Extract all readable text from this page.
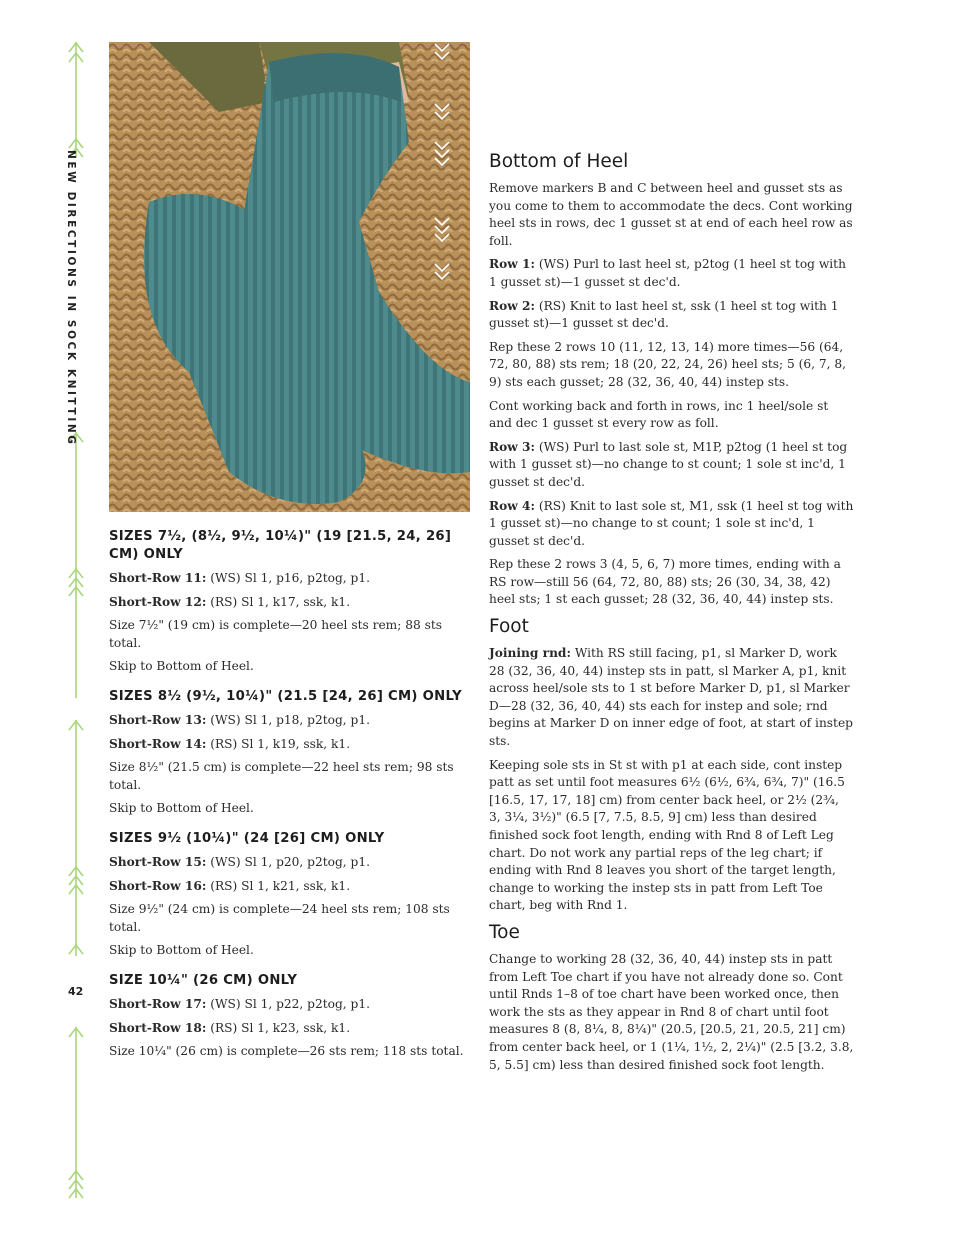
NEW DIRECTIONS IN SOCK KNITTING
42
SIZES 7½, (8½, 9½, 10¼)" (19 [21.5, 24, 26] CM) ONLY

Short-Row 11: (WS) Sl 1, p16, p2tog, p1.

Short-Row 12: (RS) Sl 1, k17, ssk, k1.

Size 7½" (19 cm) is complete—20 heel sts rem; 88 sts total.

Skip to Bottom of Heel.

SIZES 8½ (9½, 10¼)" (21.5 [24, 26] CM) ONLY

Short-Row 13: (WS) Sl 1, p18, p2tog, p1.

Short-Row 14: (RS) Sl 1, k19, ssk, k1.

Size 8½" (21.5 cm) is complete—22 heel sts rem; 98 sts total.

Skip to Bottom of Heel.

SIZES 9½ (10¼)" (24 [26] CM) ONLY

Short-Row 15: (WS) Sl 1, p20, p2tog, p1.

Short-Row 16: (RS) Sl 1, k21, ssk, k1.

Size 9½" (24 cm) is complete—24 heel sts rem; 108 sts total.

Skip to Bottom of Heel.

SIZE 10¼" (26 CM) ONLY

Short-Row 17: (WS) Sl 1, p22, p2tog, p1.

Short-Row 18: (RS) Sl 1, k23, ssk, k1.

Size 10¼" (26 cm) is complete—26 sts rem; 118 sts total.

Bottom of Heel

Remove markers B and C between heel and gusset sts as you come to them to accommodate the decs. Cont working heel sts in rows, dec 1 gusset st at end of each heel row as foll.

Row 1: (WS) Purl to last heel st, p2tog (1 heel st tog with 1 gusset st)—1 gusset st dec'd.

Row 2: (RS) Knit to last heel st, ssk (1 heel st tog with 1 gusset st)—1 gusset st dec'd.

Rep these 2 rows 10 (11, 12, 13, 14) more times—56 (64, 72, 80, 88) sts rem; 18 (20, 22, 24, 26) heel sts; 5 (6, 7, 8, 9) sts each gusset; 28 (32, 36, 40, 44) instep sts.

Cont working back and forth in rows, inc 1 heel/sole st and dec 1 gusset st every row as foll.

Row 3: (WS) Purl to last sole st, M1P, p2tog (1 heel st tog with 1 gusset st)—no change to st count; 1 sole st inc'd, 1 gusset st dec'd.

Row 4: (RS) Knit to last sole st, M1, ssk (1 heel st tog with 1 gusset st)—no change to st count; 1 sole st inc'd, 1 gusset st dec'd.

Rep these 2 rows 3 (4, 5, 6, 7) more times, ending with a RS row—still 56 (64, 72, 80, 88) sts; 26 (30, 34, 38, 42) heel sts; 1 st each gusset; 28 (32, 36, 40, 44) instep sts.

Foot

Joining rnd: With RS still facing, p1, sl Marker D, work 28 (32, 36, 40, 44) instep sts in patt, sl Marker A, p1, knit across heel/sole sts to 1 st before Marker D, p1, sl Marker D—28 (32, 36, 40, 44) sts each for instep and sole; rnd begins at Marker D on inner edge of foot, at start of instep sts.

Keeping sole sts in St st with p1 at each side, cont instep patt as set until foot measures 6½ (6½, 6¾, 6¾, 7)" (16.5 [16.5, 17, 17, 18] cm) from center back heel, or 2½ (2¾, 3, 3¼, 3½)" (6.5 [7, 7.5, 8.5, 9] cm) less than desired finished sock foot length, ending with Rnd 8 of Left Leg chart. Do not work any partial reps of the leg chart; if ending with Rnd 8 leaves you short of the target length, change to working the instep sts in patt from Left Toe chart, beg with Rnd 1.

Toe

Change to working 28 (32, 36, 40, 44) instep sts in patt from Left Toe chart if you have not already done so. Cont until Rnds 1–8 of toe chart have been worked once, then work the sts as they appear in Rnd 8 of chart until foot measures 8 (8, 8¼, 8, 8¼)" (20.5, [20.5, 21, 20.5, 21] cm) from center back heel, or 1 (1¼, 1½, 2, 2¼)" (2.5 [3.2, 3.8, 5, 5.5] cm) less than desired finished sock foot length.
